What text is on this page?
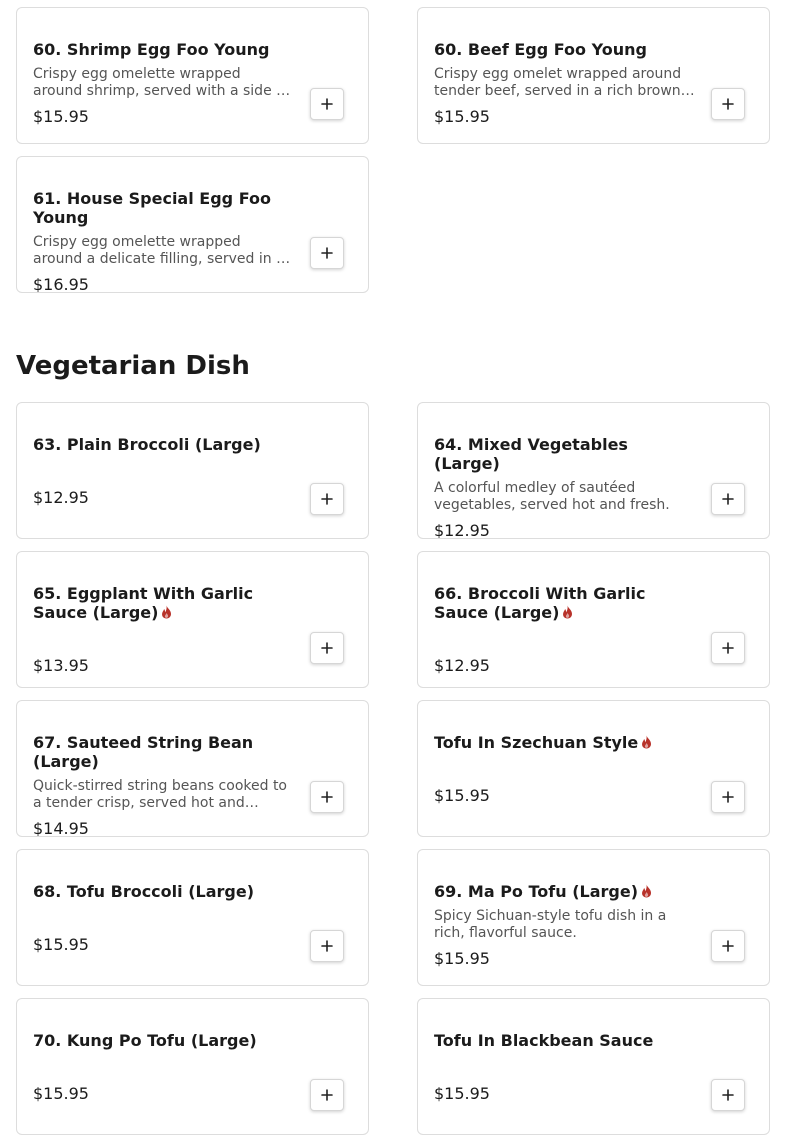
Vegetarian Dish
60. Shrimp Egg Foo Young
Crispy egg omelette wrapped around shrimp, served with a side of
$15.95
60. Beef Egg Foo Young
Crispy egg omelet wrapped around tender beef, served in a rich brown
$15.95
61. House Special Egg Foo Young
Crispy egg omelette wrapped around a delicate filling, served in a
$16.95
63. Plain Broccoli (Large)
$12.95
64. Mixed Vegetables (Large)
A colorful medley of sautéed vegetables, served hot and fresh.
$12.95
65. Eggplant With Garlic Sauce (Large)
$13.95
66. Broccoli With Garlic Sauce (Large)
$12.95
67. Sauteed String Bean (Large)
Quick-stirred string beans cooked to a tender crisp, served hot and
$14.95
Tofu In Szechuan Style
$15.95
68. Tofu Broccoli (Large)
$15.95
69. Ma Po Tofu (Large)
Spicy Sichuan-style tofu dish in a rich, flavorful sauce.
$15.95
70. Kung Po Tofu (Large)
$15.95
Tofu In Blackbean Sauce
$15.95
